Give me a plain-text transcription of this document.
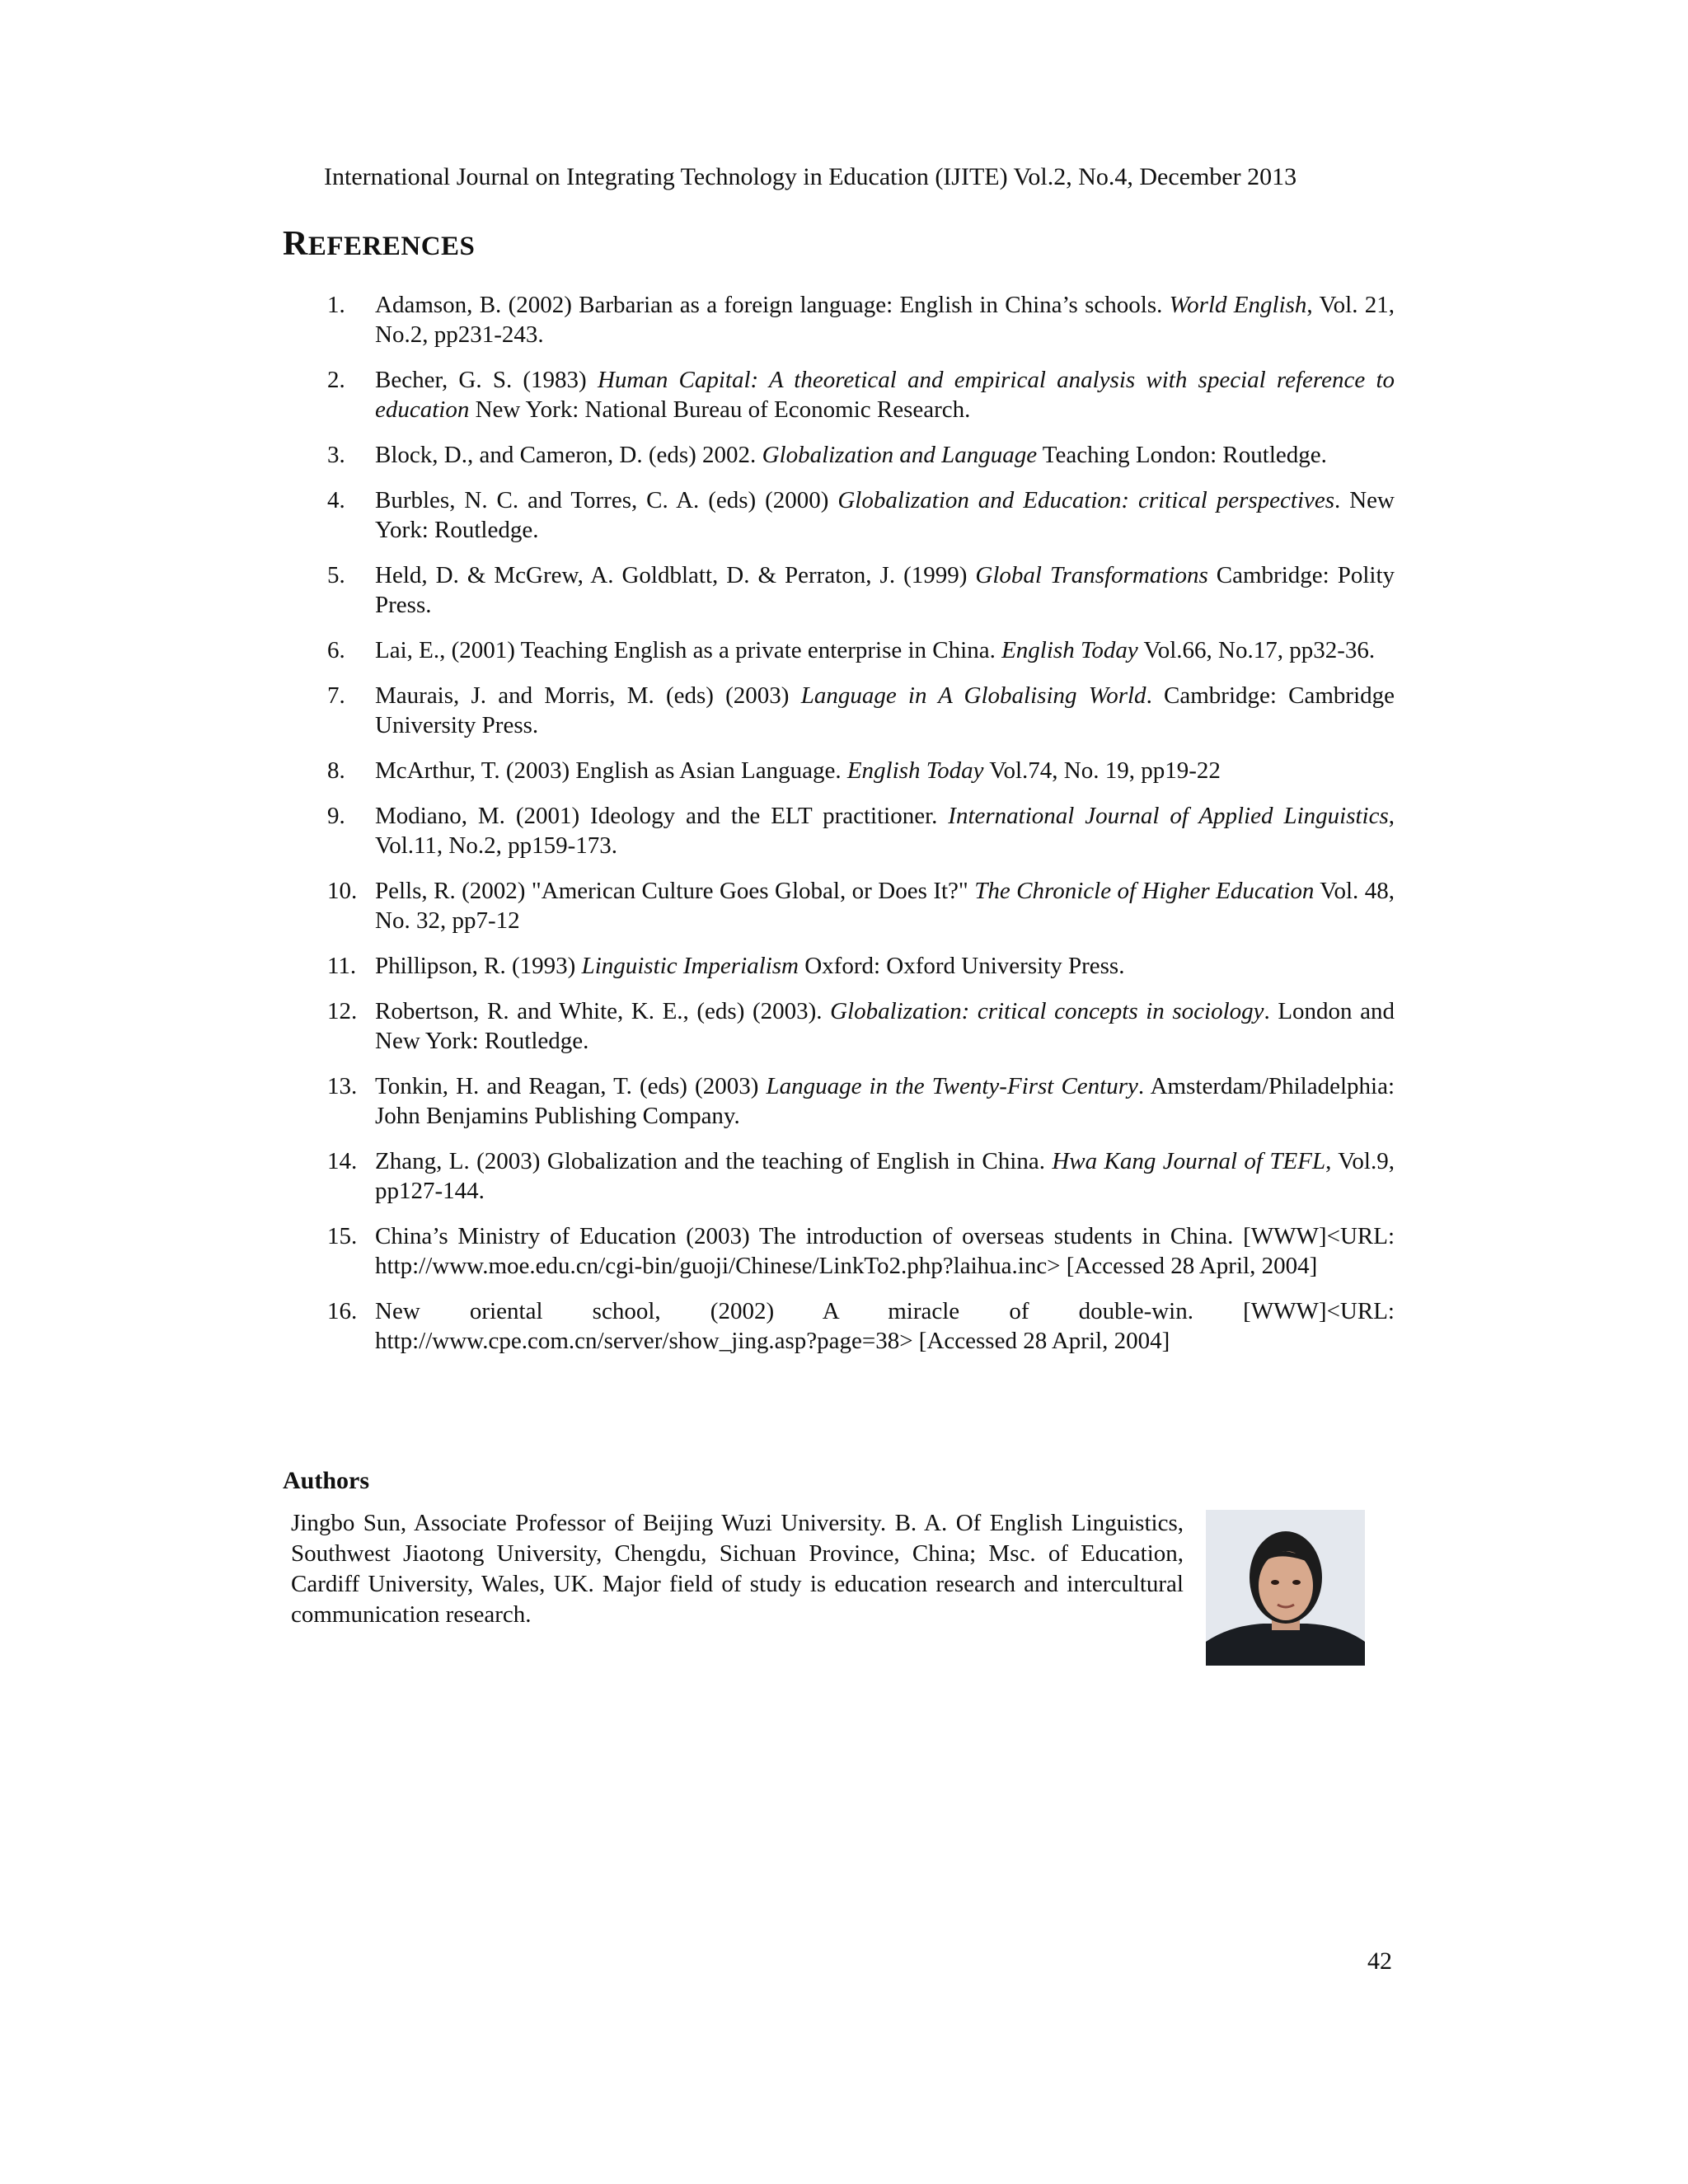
International Journal on Integrating Technology in Education (IJITE) Vol.2, No.4, December 2013
REFERENCES
1. Adamson, B. (2002) Barbarian as a foreign language: English in China’s schools. World English, Vol. 21, No.2, pp231-243.
2. Becher, G. S. (1983) Human Capital: A theoretical and empirical analysis with special reference to education New York: National Bureau of Economic Research.
3. Block, D., and Cameron, D. (eds) 2002. Globalization and Language Teaching London: Routledge.
4. Burbles, N. C. and Torres, C. A. (eds) (2000) Globalization and Education: critical perspectives. New York: Routledge.
5. Held, D. & McGrew, A. Goldblatt, D. & Perraton, J. (1999) Global Transformations Cambridge: Polity Press.
6. Lai, E., (2001) Teaching English as a private enterprise in China. English Today Vol.66, No.17, pp32-36.
7. Maurais, J. and Morris, M. (eds) (2003) Language in A Globalising World. Cambridge: Cambridge University Press.
8. McArthur, T. (2003) English as Asian Language. English Today Vol.74, No. 19, pp19-22
9. Modiano, M. (2001) Ideology and the ELT practitioner. International Journal of Applied Linguistics, Vol.11, No.2, pp159-173.
10. Pells, R. (2002) "American Culture Goes Global, or Does It?" The Chronicle of Higher Education Vol. 48, No. 32, pp7-12
11. Phillipson, R. (1993) Linguistic Imperialism Oxford: Oxford University Press.
12. Robertson, R. and White, K. E., (eds) (2003). Globalization: critical concepts in sociology. London and New York: Routledge.
13. Tonkin, H. and Reagan, T. (eds) (2003) Language in the Twenty-First Century. Amsterdam/Philadelphia: John Benjamins Publishing Company.
14. Zhang, L. (2003) Globalization and the teaching of English in China. Hwa Kang Journal of TEFL, Vol.9, pp127-144.
15. China’s Ministry of Education (2003) The introduction of overseas students in China. [WWW]<URL: http://www.moe.edu.cn/cgi-bin/guoji/Chinese/LinkTo2.php?laihua.inc> [Accessed 28 April, 2004]
16. New oriental school, (2002) A miracle of double-win. [WWW]<URL: http://www.cpe.com.cn/server/show_jing.asp?page=38> [Accessed 28 April, 2004]
Authors
Jingbo Sun, Associate Professor of Beijing Wuzi University. B. A. Of English Linguistics, Southwest Jiaotong University, Chengdu, Sichuan Province, China; Msc. of Education, Cardiff University, Wales, UK. Major field of study is education research and intercultural communication research.
42
